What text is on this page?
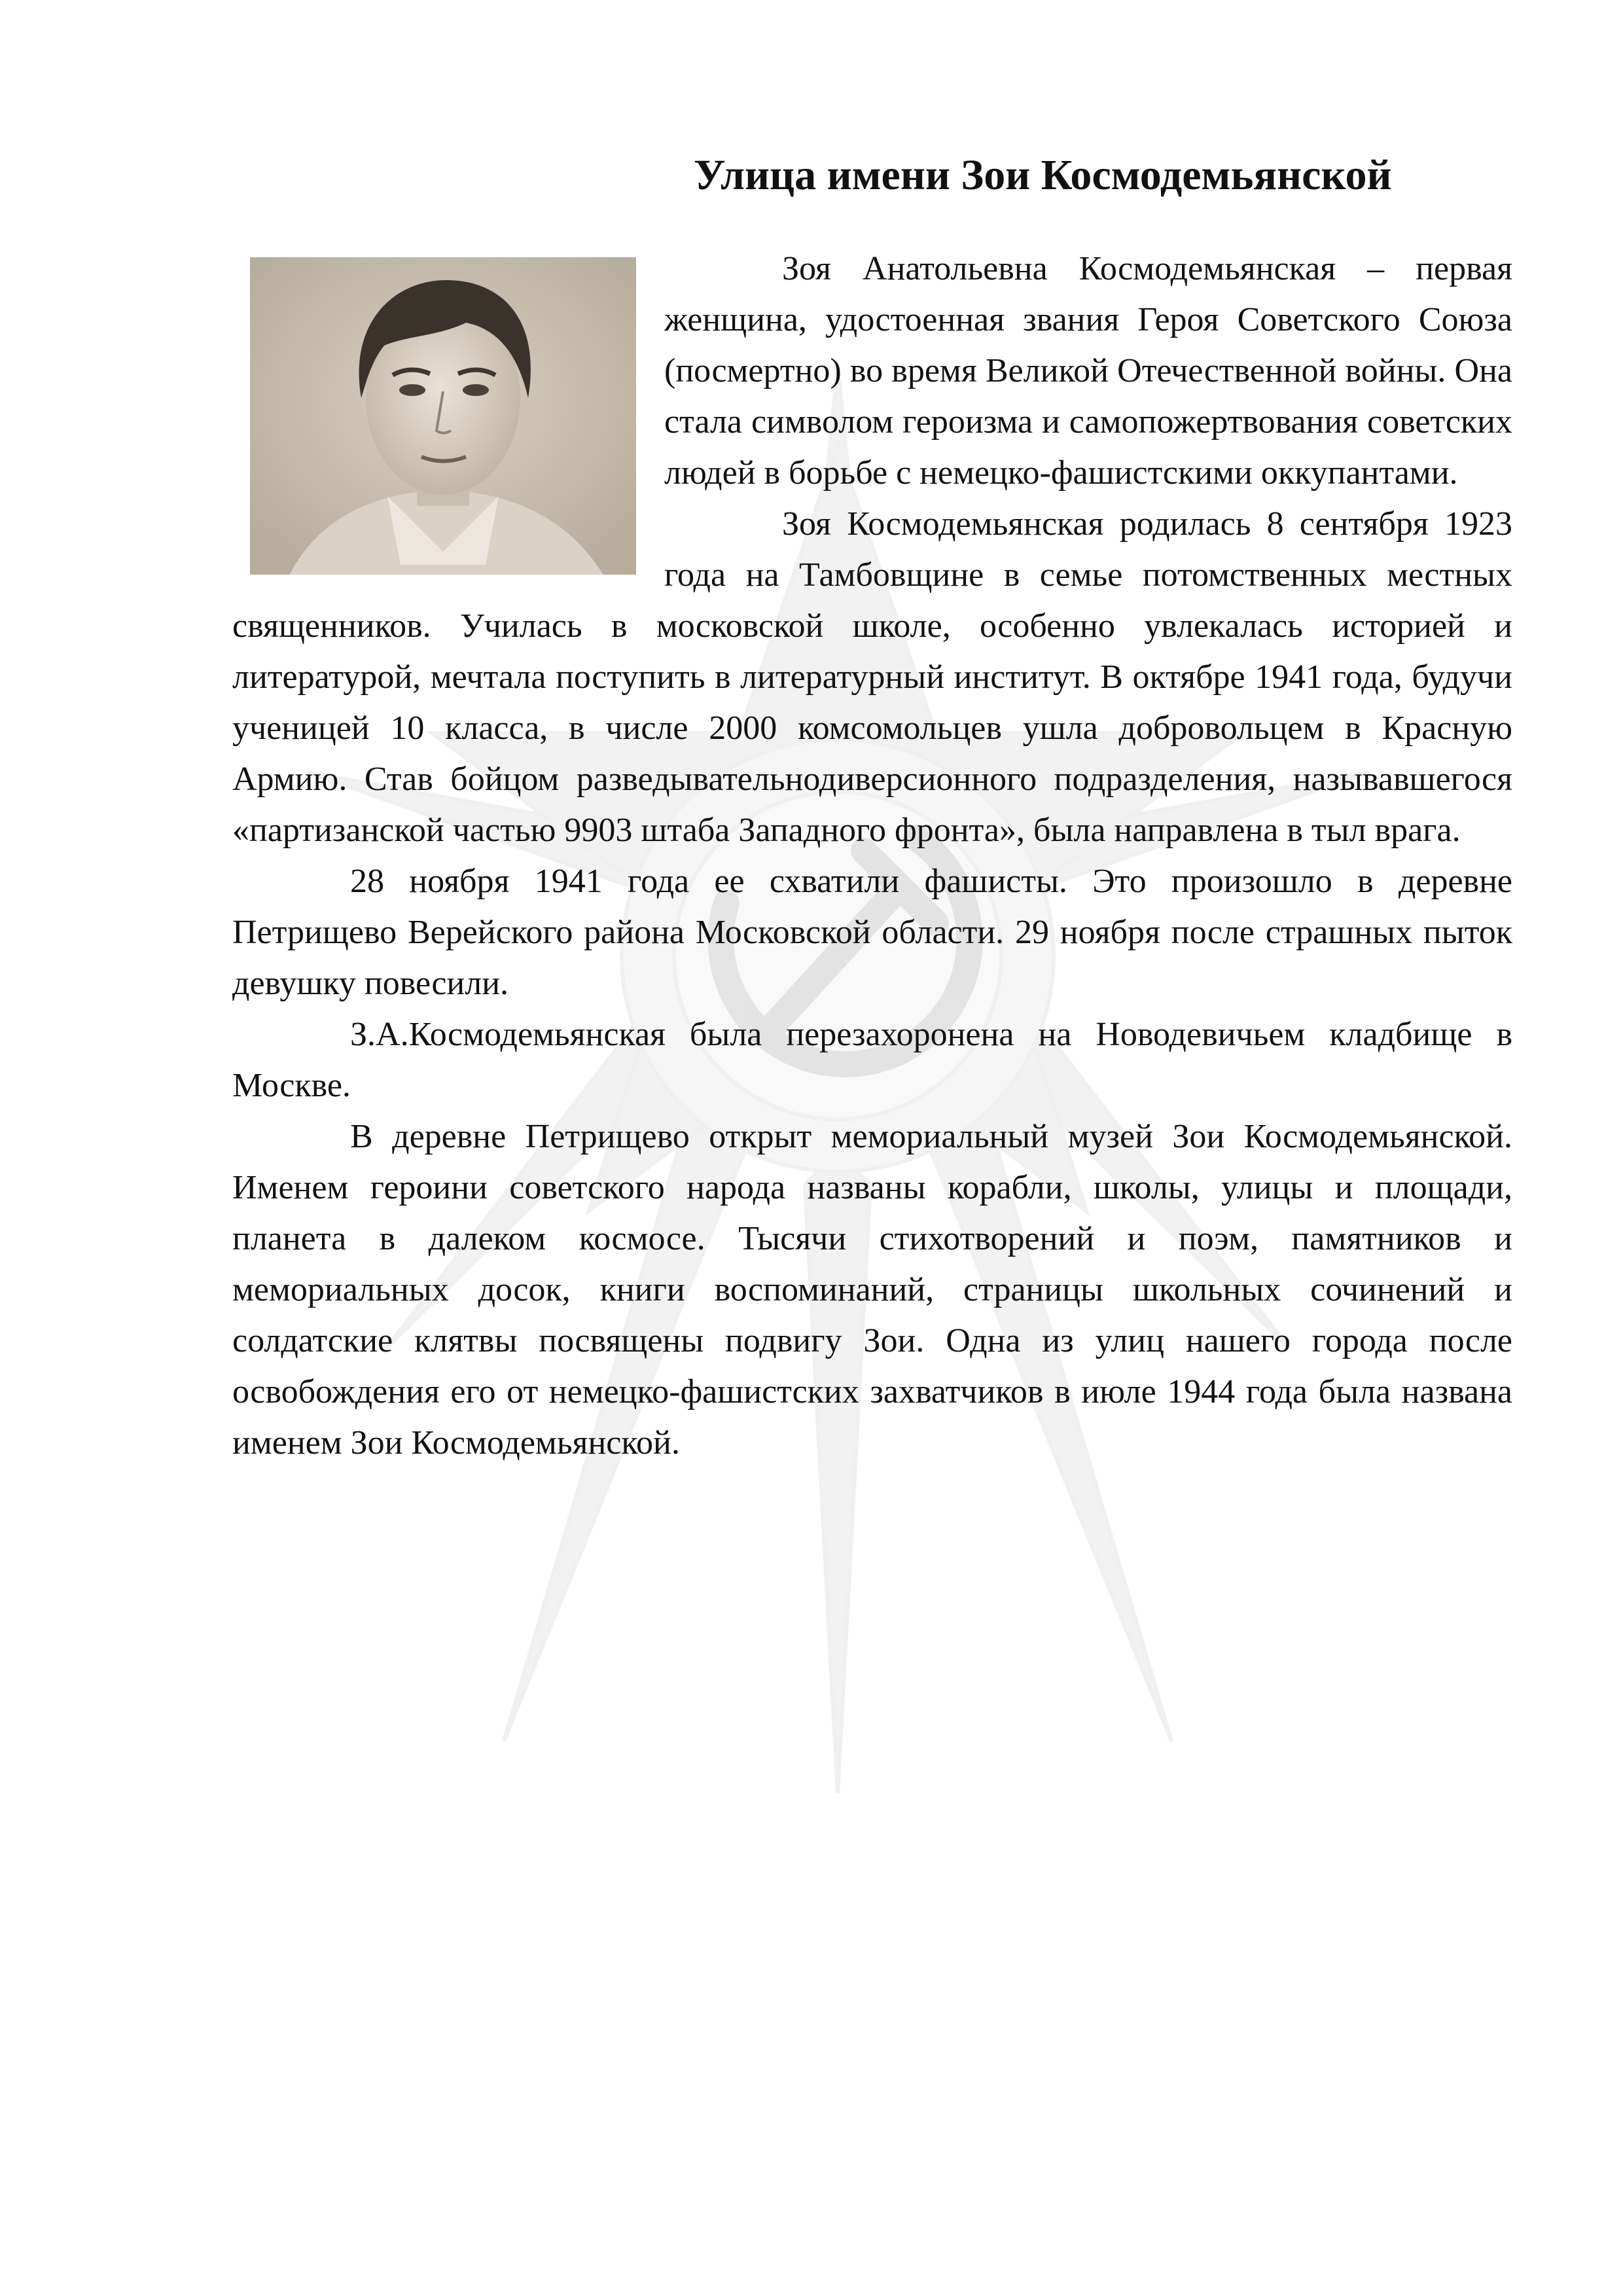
Улица имени Зои Космодемьянской

Зоя Анатольевна Космодемьянская – первая женщина, удостоенная звания Героя Советского Союза (посмертно) во время Великой Отечественной войны. Она стала символом героизма и самопожертвования советских людей в борьбе с немецко-фашистскими оккупантами.

Зоя Космодемьянская родилась 8 сентября 1923 года на Тамбовщине в семье потомственных местных священников. Училась в московской школе, особенно увлекалась историей и литературой, мечтала поступить в литературный институт. В октябре 1941 года, будучи ученицей 10 класса, в числе 2000 комсомольцев ушла добровольцем в Красную Армию. Став бойцом разведывательнодиверсионного подразделения, называвшегося «партизанской частью 9903 штаба Западного фронта», была направлена в тыл врага.

28 ноября 1941 года ее схватили фашисты. Это произошло в деревне Петрищево Верейского района Московской области. 29 ноября после страшных пыток девушку повесили.

З.А.Космодемьянская была перезахоронена на Новодевичьем кладбище в Москве.

В деревне Петрищево открыт мемориальный музей Зои Космодемьянской. Именем героини советского народа названы корабли, школы, улицы и площади, планета в далеком космосе. Тысячи стихотворений и поэм, памятников и мемориальных досок, книги воспоминаний, страницы школьных сочинений и солдатские клятвы посвящены подвигу Зои. Одна из улиц нашего города после освобождения его от немецко-фашистских захватчиков в июле 1944 года была названа именем Зои Космодемьянской.
